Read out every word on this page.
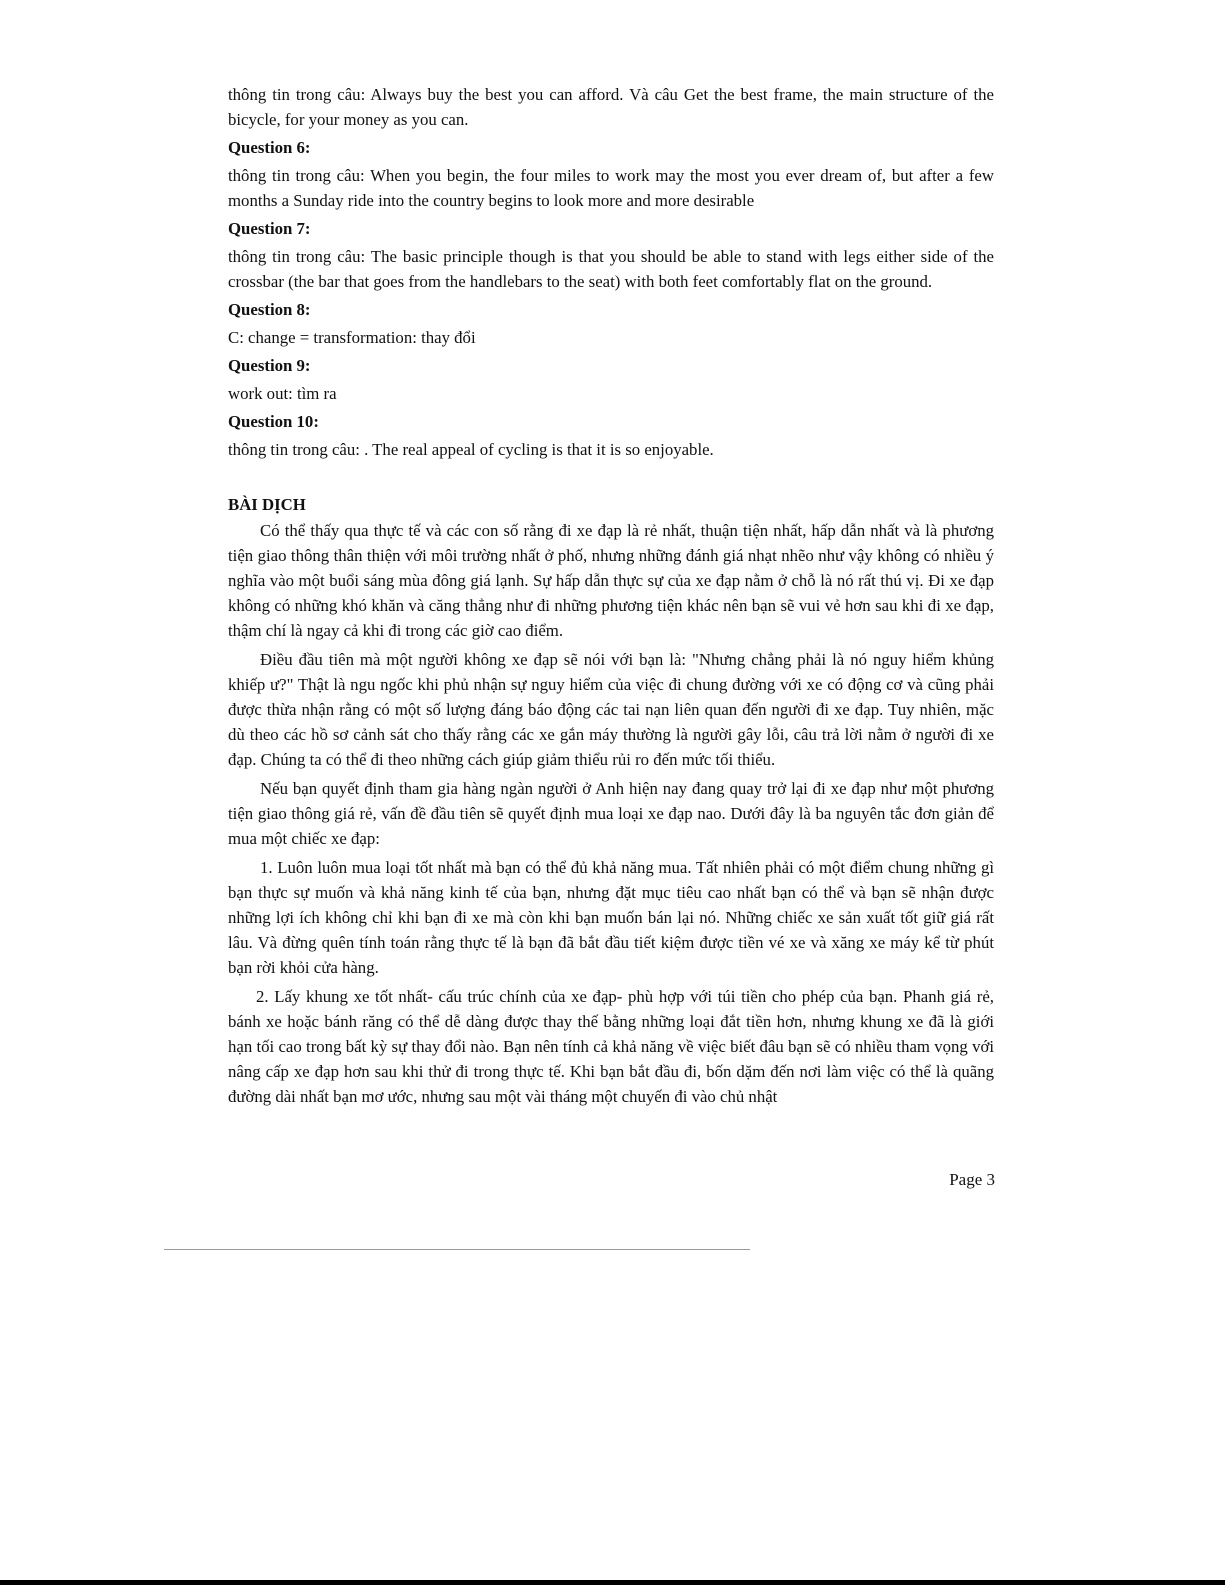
thông tin trong câu: Always buy the best you can afford. Và câu Get the best frame, the main structure of the bicycle, for your money as you can.

Question 6:

thông tin trong câu: When you begin, the four miles to work may the most you ever dream of, but after a few months a Sunday ride into the country begins to look more and more desirable

Question 7:

thông tin trong câu: The basic principle though is that you should be able to stand with legs either side of the crossbar (the bar that goes from the handlebars to the seat) with both feet comfortably flat on the ground.

Question 8:

C: change = transformation: thay đổi

Question 9:

work out: tìm ra

Question 10:

thông tin trong câu: . The real appeal of cycling is that it is so enjoyable.

BÀI DỊCH

Có thể thấy qua thực tế và các con số rằng đi xe đạp là rẻ nhất, thuận tiện nhất, hấp dẫn nhất và là phương tiện giao thông thân thiện với môi trường nhất ở phố, nhưng những đánh giá nhạt nhẽo như vậy không có nhiều ý nghĩa vào một buổi sáng mùa đông giá lạnh. Sự hấp dẫn thực sự của xe đạp nằm ở chỗ là nó rất thú vị. Đi xe đạp không có những khó khăn và căng thẳng như đi những phương tiện khác nên bạn sẽ vui vẻ hơn sau khi đi xe đạp, thậm chí là ngay cả khi đi trong các giờ cao điểm.

Điều đầu tiên mà một người không xe đạp sẽ nói với bạn là: "Nhưng chẳng phải là nó nguy hiểm khủng khiếp ư?" Thật là ngu ngốc khi phủ nhận sự nguy hiểm của việc đi chung đường với xe có động cơ và cũng phải được thừa nhận rằng có một số lượng đáng báo động các tai nạn liên quan đến người đi xe đạp. Tuy nhiên, mặc dù theo các hồ sơ cảnh sát cho thấy rằng các xe gắn máy thường là người gây lỗi, câu trả lời nằm ở người đi xe đạp. Chúng ta có thể đi theo những cách giúp giảm thiểu rủi ro đến mức tối thiểu.

Nếu bạn quyết định tham gia hàng ngàn người ở Anh hiện nay đang quay trở lại đi xe đạp như một phương tiện giao thông giá rẻ, vấn đề đầu tiên sẽ quyết định mua loại xe đạp nao. Dưới đây là ba nguyên tắc đơn giản để mua một chiếc xe đạp:

1. Luôn luôn mua loại tốt nhất mà bạn có thể đủ khả năng mua. Tất nhiên phải có một điểm chung những gì bạn thực sự muốn và khả năng kinh tế của bạn, nhưng đặt mục tiêu cao nhất bạn có thể và bạn sẽ nhận được những lợi ích không chỉ khi bạn đi xe mà còn khi bạn muốn bán lại nó. Những chiếc xe sản xuất tốt giữ giá rất lâu. Và đừng quên tính toán rằng thực tế là bạn đã bắt đầu tiết kiệm được tiền vé xe và xăng xe máy kể từ phút bạn rời khỏi cửa hàng.

2. Lấy khung xe tốt nhất- cấu trúc chính của xe đạp- phù hợp với túi tiền cho phép của bạn. Phanh giá rẻ, bánh xe hoặc bánh răng có thể dễ dàng được thay thế bằng những loại đắt tiền hơn, nhưng khung xe đã là giới hạn tối cao trong bất kỳ sự thay đổi nào. Bạn nên tính cả khả năng về việc biết đâu bạn sẽ có nhiều tham vọng với nâng cấp xe đạp hơn sau khi thử đi trong thực tế. Khi bạn bắt đầu đi, bốn dặm đến nơi làm việc có thể là quãng đường dài nhất bạn mơ ước, nhưng sau một vài tháng một chuyến đi vào chủ nhật

Page 3
